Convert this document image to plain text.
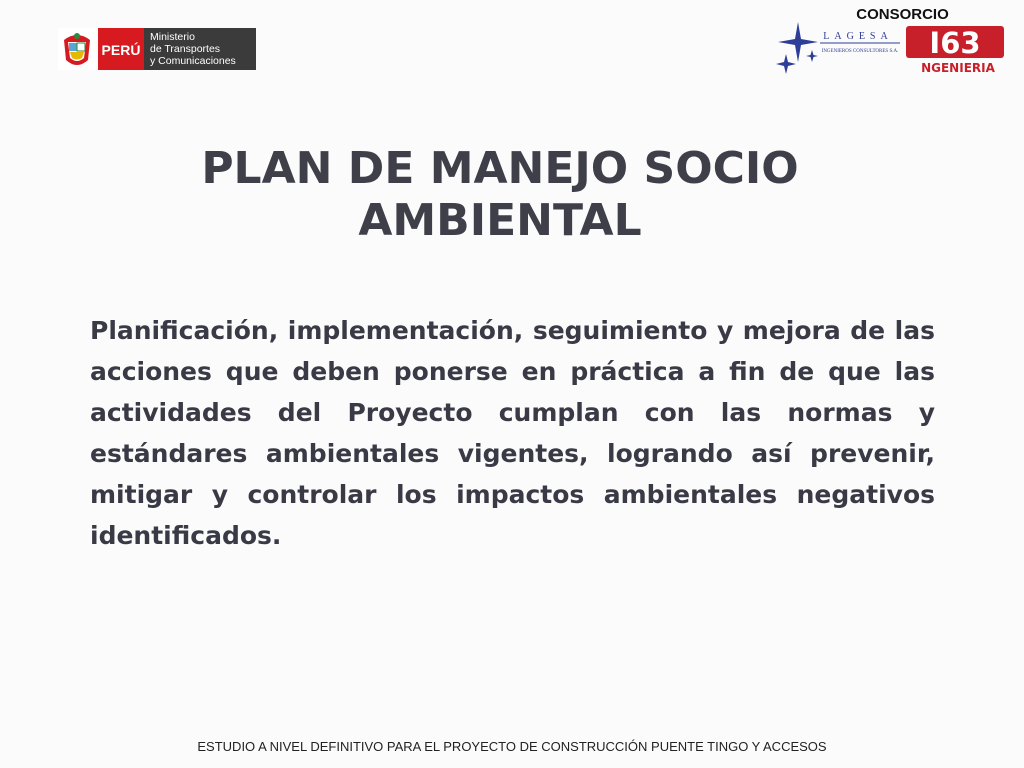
PERÚ
Ministerio
de Transportes
y Comunicaciones
CONSORCIO
LAGESA
INGENIEROS CONSULTORES S.A. I63
NGENIERIA
PLAN DE MANEJO SOCIO AMBIENTAL

Planificación, implementación, seguimiento y mejora de las acciones que deben ponerse en práctica a fin de que las actividades del Proyecto cumplan con las normas y estándares ambientales vigentes, logrando así prevenir, mitigar y controlar los impactos ambientales negativos identificados.

ESTUDIO A NIVEL DEFINITIVO PARA EL PROYECTO DE CONSTRUCCIÓN PUENTE TINGO Y ACCESOS
